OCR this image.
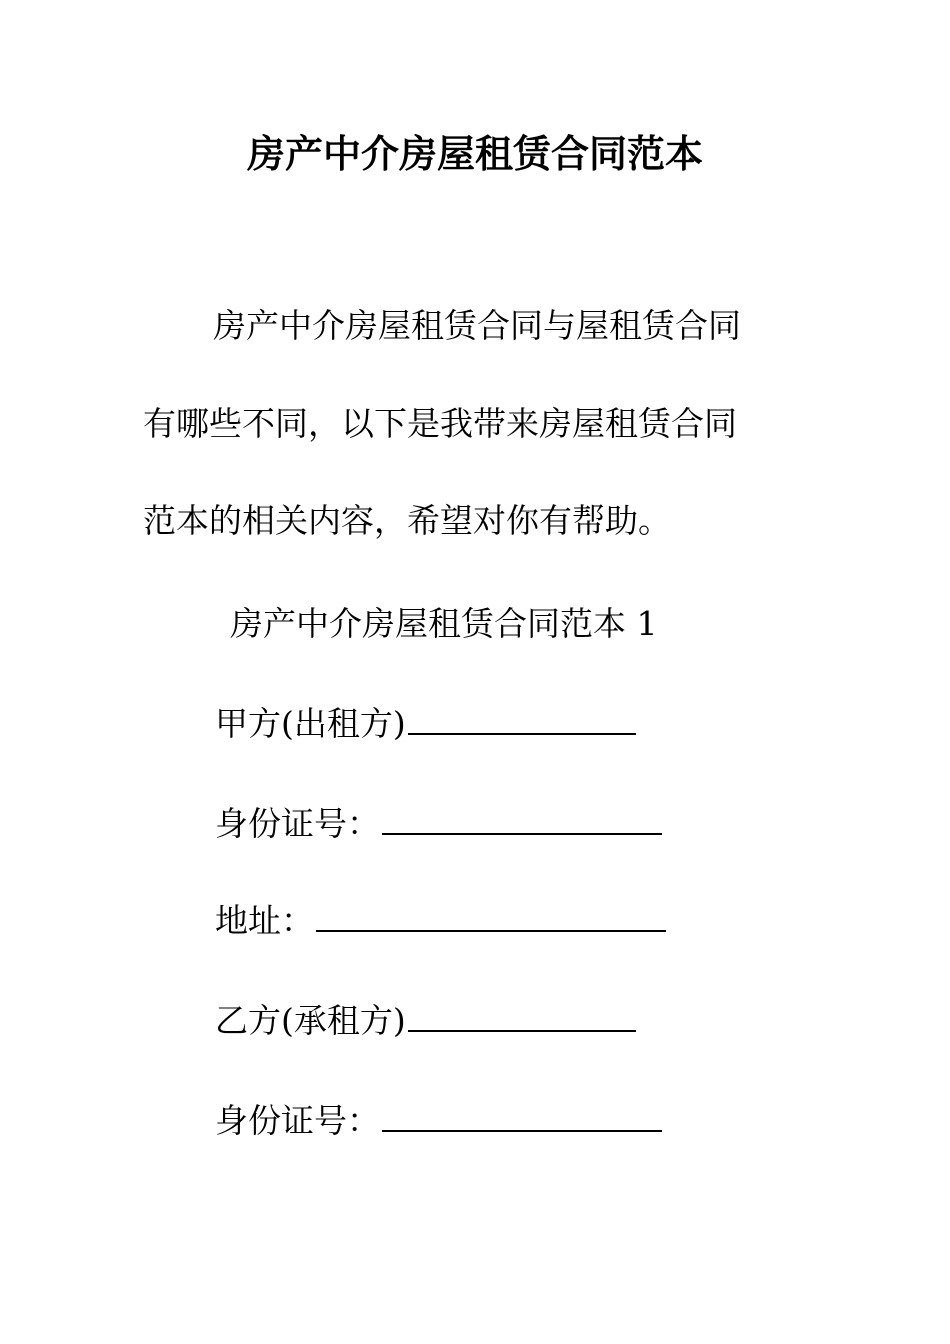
房产中介房屋租赁合同范本
房产中介房屋租赁合同与屋租赁合同
有哪些不同，以下是我带来房屋租赁合同
范本的相关内容，希望对你有帮助。
房产中介房屋租赁合同范本 1
甲方(出租方)
身份证号：
地址：
乙方(承租方)
身份证号：
